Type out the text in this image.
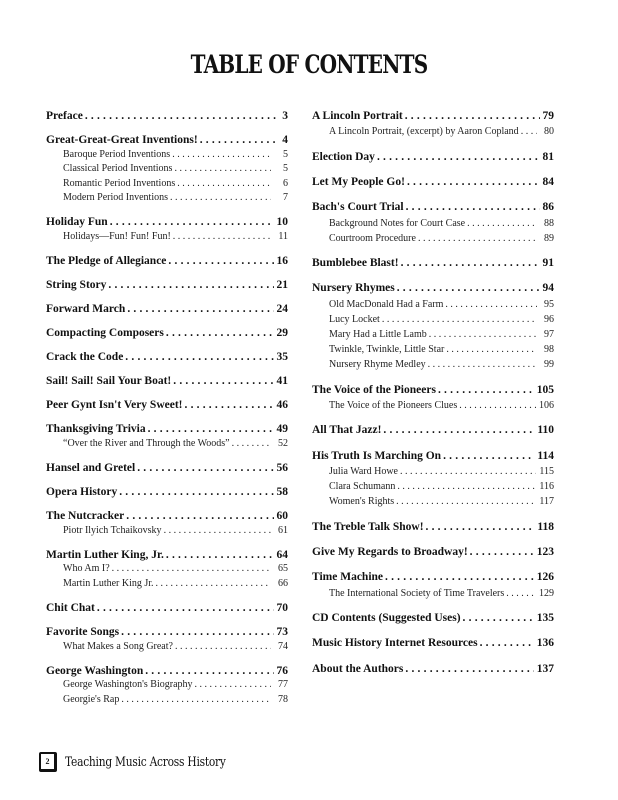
TABLE OF CONTENTS
Preface .....	3
Great-Great-Great Inventions! .....	4
Baroque Period Inventions .....	5
Classical Period Inventions .....	5
Romantic Period Inventions .....	6
Modern Period Inventions .....	7
Holiday Fun .....	10
Holidays—Fun! Fun! Fun! .....	11
The Pledge of Allegiance .....	16
String Story .....	21
Forward March .....	24
Compacting Composers .....	29
Crack the Code .....	35
Sail! Sail! Sail Your Boat! .....	41
Peer Gynt Isn't Very Sweet! .....	46
Thanksgiving Trivia .....	49
“Over the River and Through the Woods” .....	52
Hansel and Gretel .....	56
Opera History .....	58
The Nutcracker .....	60
Piotr Ilyich Tchaikovsky .....	61
Martin Luther King, Jr. .....	64
Who Am I? .....	65
Martin Luther King Jr. .....	66
Chit Chat .....	70
Favorite Songs .....	73
What Makes a Song Great? .....	74
George Washington .....	76
George Washington's Biography .....	77
Georgie's Rap .....	78
A Lincoln Portrait .....	79
A Lincoln Portrait, (excerpt) by Aaron Copland .....	80
Election Day .....	81
Let My People Go! .....	84
Bach's Court Trial .....	86
Background Notes for Court Case .....	88
Courtroom Procedure .....	89
Bumblebee Blast! .....	91
Nursery Rhymes .....	94
Old MacDonald Had a Farm .....	95
Lucy Locket .....	96
Mary Had a Little Lamb .....	97
Twinkle, Twinkle, Little Star .....	98
Nursery Rhyme Medley .....	99
The Voice of the Pioneers .....	105
The Voice of the Pioneers Clues .....	106
All That Jazz! .....	110
His Truth Is Marching On .....	114
Julia Ward Howe .....	115
Clara Schumann .....	116
Women's Rights .....	117
The Treble Talk Show! .....	118
Give My Regards to Broadway! .....	123
Time Machine .....	126
The International Society of Time Travelers .....	129
CD Contents (Suggested Uses) .....	135
Music History Internet Resources .....	136
About the Authors .....	137
2	Teaching Music Across History
